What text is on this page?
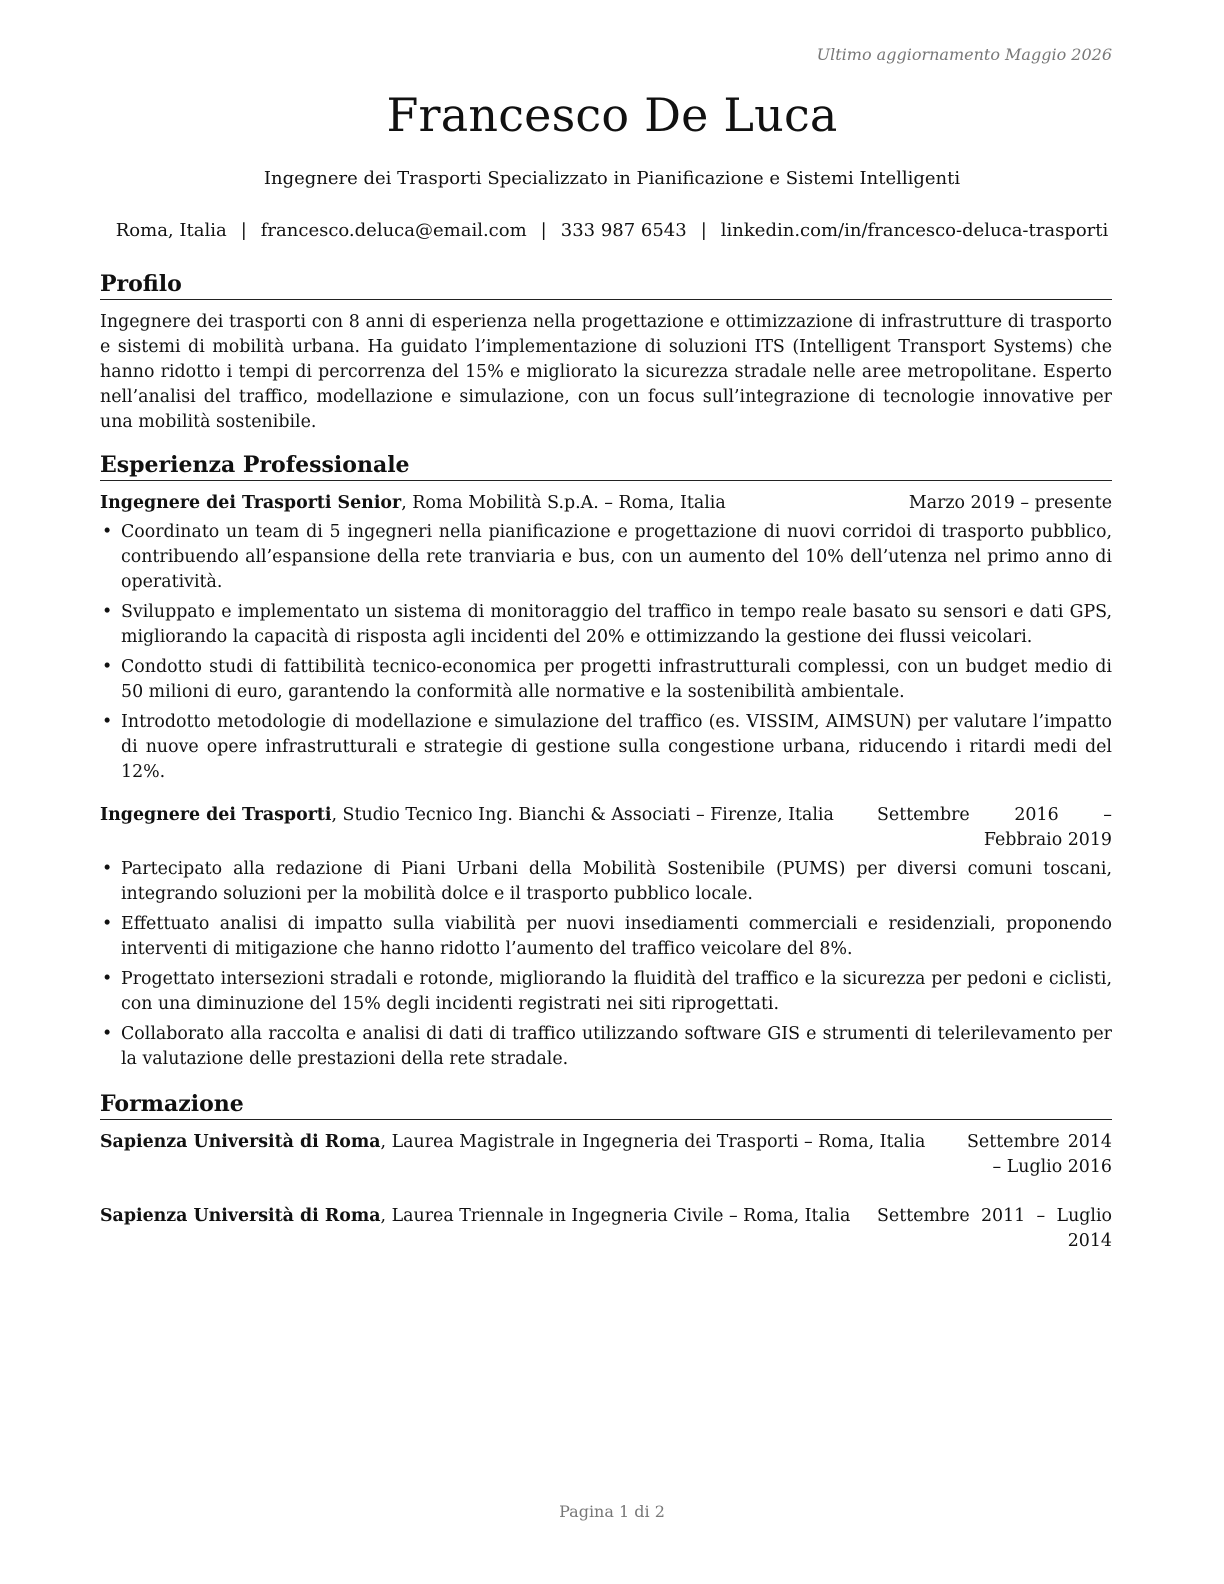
Ultimo aggiornamento Maggio 2026
Francesco De Luca
Ingegnere dei Trasporti Specializzato in Pianificazione e Sistemi Intelligenti
Roma, Italia | francesco.deluca@email.com | 333 987 6543 | linkedin.com/in/francesco-deluca-trasporti
Profilo

Ingegnere dei trasporti con 8 anni di esperienza nella progettazione e ottimizzazione di infrastrutture di trasporto e sistemi di mobilità urbana. Ha guidato l’implementazione di soluzioni ITS (Intelligent Transport Systems) che hanno ridotto i tempi di percorrenza del 15% e migliorato la sicurezza stradale nelle aree metropolitane. Esperto nell’analisi del traffico, modellazione e simulazione, con un focus sull’integrazione di tecnologie innovative per una mobilità sostenibile.

Esperienza Professionale
Ingegnere dei Trasporti Senior, Roma Mobilità S.p.A. – Roma, Italia	Marzo 2019 – presente
• Coordinato un team di 5 ingegneri nella pianificazione e progettazione di nuovi corridoi di trasporto pubblico, contribuendo all’espansione della rete tranviaria e bus, con un aumento del 10% dell’utenza nel primo anno di operatività.
• Sviluppato e implementato un sistema di monitoraggio del traffico in tempo reale basato su sensori e dati GPS, migliorando la capacità di risposta agli incidenti del 20% e ottimizzando la gestione dei flussi veicolari.
• Condotto studi di fattibilità tecnico-economica per progetti infrastrutturali complessi, con un budget medio di 50 milioni di euro, garantendo la conformità alle normative e la sostenibilità ambientale.
• Introdotto metodologie di modellazione e simulazione del traffico (es. VISSIM, AIMSUN) per valutare l’impatto di nuove opere infrastrutturali e strategie di gestione sulla congestione urbana, riducendo i ritardi medi del 12%.
Ingegnere dei Trasporti, Studio Tecnico Ing. Bianchi & Associati – Firenze, Italia	Settembre 2016 – Febbraio 2019
• Partecipato alla redazione di Piani Urbani della Mobilità Sostenibile (PUMS) per diversi comuni toscani, integrando soluzioni per la mobilità dolce e il trasporto pubblico locale.
• Effettuato analisi di impatto sulla viabilità per nuovi insediamenti commerciali e residenziali, proponendo interventi di mitigazione che hanno ridotto l’aumento del traffico veicolare del 8%.
• Progettato intersezioni stradali e rotonde, migliorando la fluidità del traffico e la sicurezza per pedoni e ciclisti, con una diminuzione del 15% degli incidenti registrati nei siti riprogettati.
• Collaborato alla raccolta e analisi di dati di traffico utilizzando software GIS e strumenti di telerilevamento per la valutazione delle prestazioni della rete stradale.
Formazione
Sapienza Università di Roma, Laurea Magistrale in Ingegneria dei Trasporti – Roma, Italia	Settembre 2014 – Luglio 2016
Sapienza Università di Roma, Laurea Triennale in Ingegneria Civile – Roma, Italia	Settembre 2011 – Luglio 2014
Pagina 1 di 2
